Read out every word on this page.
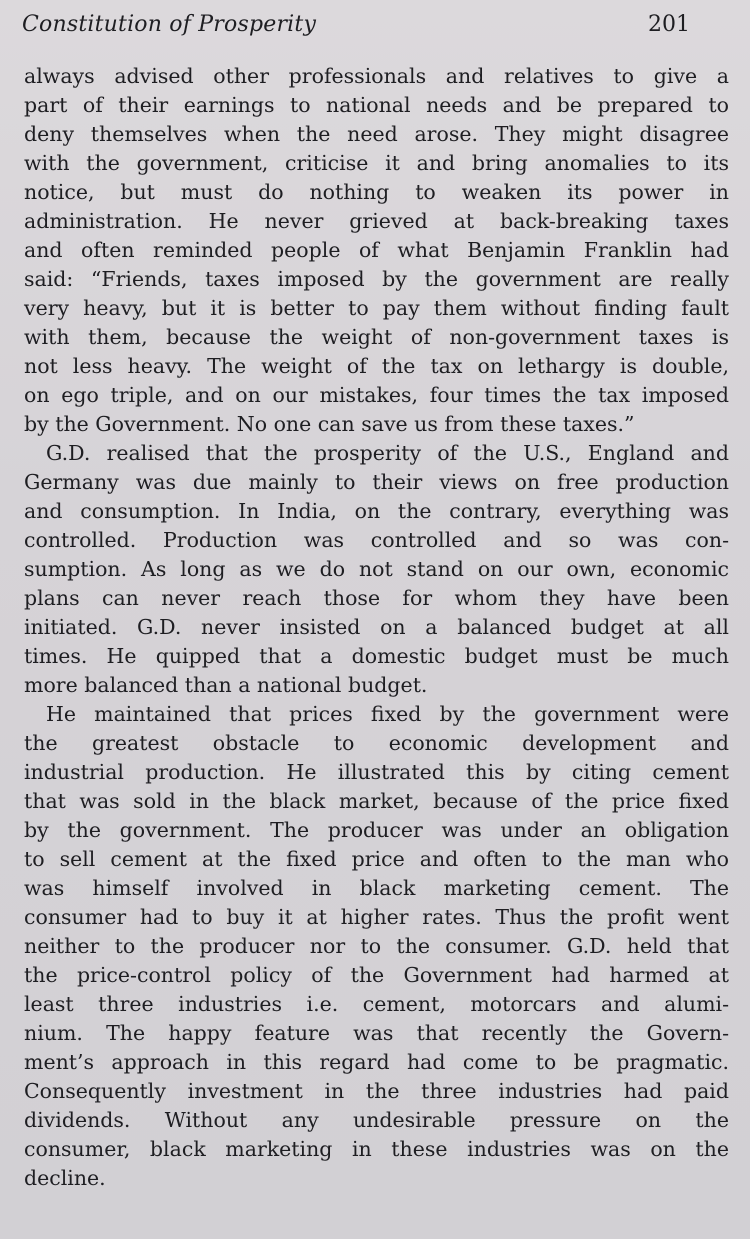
Constitution of Prosperity	201
always advised other professionals and relatives to give a
part of their earnings to national needs and be prepared to
deny themselves when the need arose. They might disagree
with the government, criticise it and bring anomalies to its
notice, but must do nothing to weaken its power in
administration. He never grieved at back-breaking taxes
and often reminded people of what Benjamin Franklin had
said: “Friends, taxes imposed by the government are really
very heavy, but it is better to pay them without finding fault
with them, because the weight of non-government taxes is
not less heavy. The weight of the tax on lethargy is double,
on ego triple, and on our mistakes, four times the tax imposed
by the Government. No one can save us from these taxes.”
G.D. realised that the prosperity of the U.S., England and
Germany was due mainly to their views on free production
and consumption. In India, on the contrary, everything was
controlled. Production was controlled and so was con-
sumption. As long as we do not stand on our own, economic
plans can never reach those for whom they have been
initiated. G.D. never insisted on a balanced budget at all
times. He quipped that a domestic budget must be much
more balanced than a national budget.
He maintained that prices fixed by the government were
the greatest obstacle to economic development and
industrial production. He illustrated this by citing cement
that was sold in the black market, because of the price fixed
by the government. The producer was under an obligation
to sell cement at the fixed price and often to the man who
was himself involved in black marketing cement. The
consumer had to buy it at higher rates. Thus the profit went
neither to the producer nor to the consumer. G.D. held that
the price-control policy of the Government had harmed at
least three industries i.e. cement, motorcars and alumi-
nium. The happy feature was that recently the Govern-
ment’s approach in this regard had come to be pragmatic.
Consequently investment in the three industries had paid
dividends. Without any undesirable pressure on the
consumer, black marketing in these industries was on the
decline.
